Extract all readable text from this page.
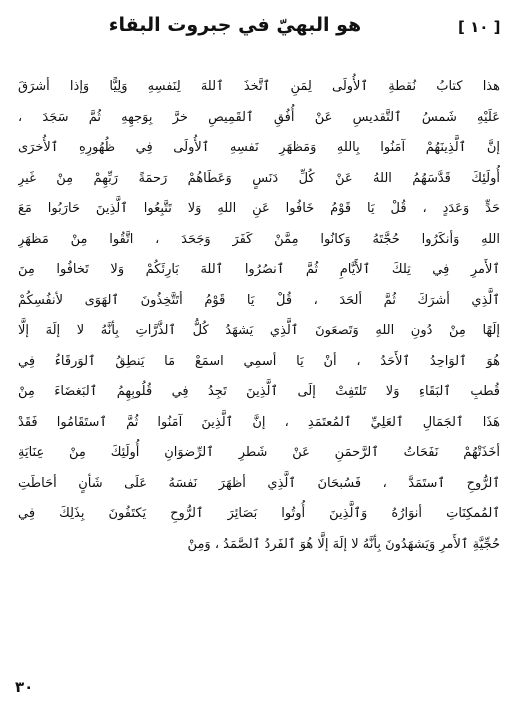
هو البهيّ في جبروت البقاء	[ ١٠ ]
هذا كتابُ نُقطةِ ٱلأُولَى لِمَنِ ٱتَّخذَ ٱللهَ لِنَفسِهِ وَلِيًّا وَإذا أشرَقَ
عَلَيْهِ شَمسُ ٱلتَّقديسِ عَنْ أُفُقِ ٱلقَمِيصِ خرَّ بِوَجهِهِ ثُمَّ سَجَدَ ،
إنَّ ٱلَّذِينَهُمْ آمَنُوا بِاللهِ وَمَظهَرِ نَفسِهِ ٱلأُولَى فِي ظُهُورِهِ ٱلأُخرَى
أُولَئِكَ قَدَّسَهُمُ اللهُ عَنْ كُلِّ دَنَسٍ وَعَطَاهُمْ رَحمَةً رَبِّهِمْ مِنْ غَيرِ
حَدٍّ وَعَدَدٍ ، قُلْ يَا قَوْمُ خَافُوا عَنِ اللهِ وَلا تَتَّبِعُوا ٱلَّذِينَ حَارَبُوا مَعَ
اللهِ وَأنكَرُوا حُجَّتَهُ وَكانُوا مِمَّنْ كَفَرَ وَجَحَدَ ، اتَّقُوا مِنْ مَظهَرِ
ٱلأَمرِ فِي تِلكَ ٱلأَيَّامِ ثُمَّ ٱنصُرُوا ٱللهَ بَارِئَكُمْ وَلا تَخافُوا مِنَ
ٱلَّذِي أشرَكَ ثُمَّ ألحَدَ ، قُلْ يَا قَوْمُ أتَتَّخِذُونَ ٱلهَوَى لأنفُسِكُمْ
إلَهًا مِنْ دُونِ اللهِ وَتَصعَونَ ٱلَّذِي يَشهَدُ كُلُّ ٱلذَّرَّاتِ بِأنَّهُ لا إلَهَ إلَّا
هُوَ ٱلوَاحِدُ ٱلأَحَدُ ، أنْ يَا أسمِي اسمَعْ مَا يَنطِقُ ٱلوَرقَاءُ فِي
قُطبِ ٱلبَقَاءِ وَلا تَلتَفِتْ إلَى ٱلَّذِينَ تَجِدُ فِي قُلُوبِهِمُ ٱلبَغضَاءَ مِنْ
هَذَا ٱلجَمَالِ ٱلعَلِيِّ ٱلمُعتَمَدِ ، إنَّ ٱلَّذِينَ آمَنُوا ثُمَّ ٱستَقَامُوا فَقَدْ
أخَذَتْهُمْ نَفَحَاتُ ٱلرَّحمَنِ عَنْ شَطرِ ٱلرِّضوَانِ أُولَئِكَ مِنْ عِنَايَةِ
ٱلرُّوحِ ٱستَمَدَّ ، فَسُبحَانَ ٱلَّذِي أظهَرَ نَفسَهُ عَلَى شَأنٍ أحَاطَتِ
ٱلمُمكِنَاتِ أنوَارُهُ وَٱلَّذِينَ أُوتُوا بَصَائِرَ ٱلرُّوحِ يَكتَفُونَ بِذَلِكَ فِي
حُجِّيَّةِ ٱلأَمرِ وَيَشهَدُونَ بِأنَّهُ لا إلَهَ إلَّا هُوَ ٱلفَردُ ٱلصَّمَدُ ، وَمِنْ
٣٠
